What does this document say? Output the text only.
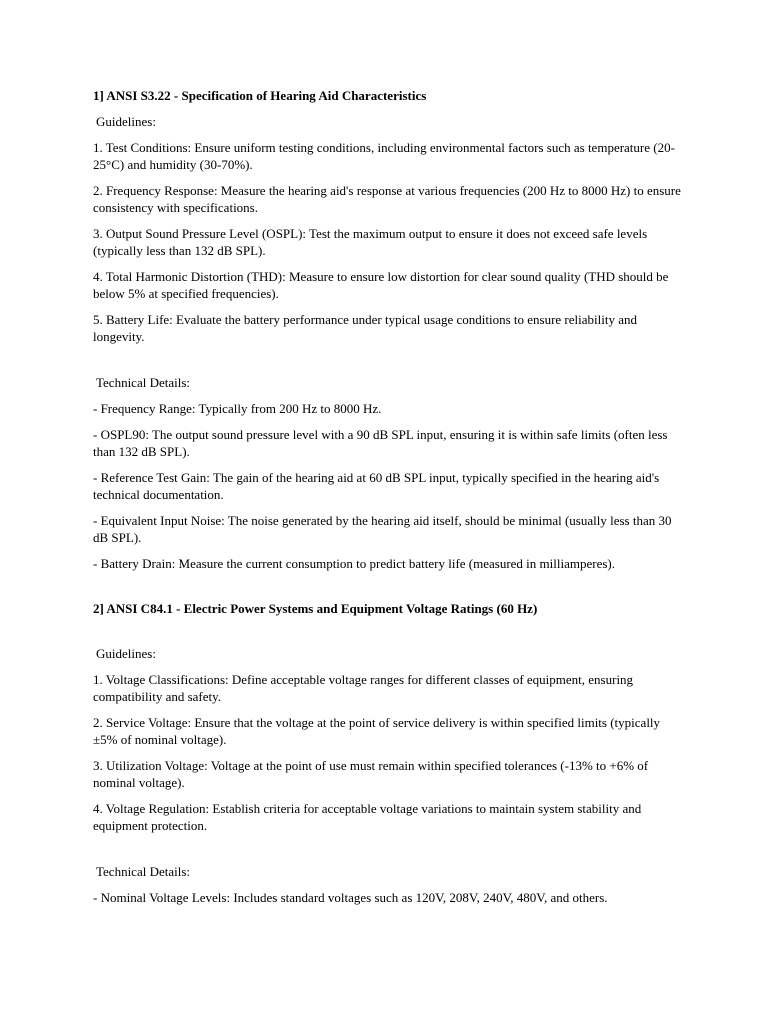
1] ANSI S3.22 - Specification of Hearing Aid Characteristics

Guidelines:

1. Test Conditions: Ensure uniform testing conditions, including environmental factors such as temperature (20-25°C) and humidity (30-70%).

2. Frequency Response: Measure the hearing aid's response at various frequencies (200 Hz to 8000 Hz) to ensure consistency with specifications.

3. Output Sound Pressure Level (OSPL): Test the maximum output to ensure it does not exceed safe levels (typically less than 132 dB SPL).

4. Total Harmonic Distortion (THD): Measure to ensure low distortion for clear sound quality (THD should be below 5% at specified frequencies).

5. Battery Life: Evaluate the battery performance under typical usage conditions to ensure reliability and longevity.

Technical Details:

- Frequency Range: Typically from 200 Hz to 8000 Hz.

- OSPL90: The output sound pressure level with a 90 dB SPL input, ensuring it is within safe limits (often less than 132 dB SPL).

- Reference Test Gain: The gain of the hearing aid at 60 dB SPL input, typically specified in the hearing aid's technical documentation.

- Equivalent Input Noise: The noise generated by the hearing aid itself, should be minimal (usually less than 30 dB SPL).

- Battery Drain: Measure the current consumption to predict battery life (measured in milliamperes).

2] ANSI C84.1 - Electric Power Systems and Equipment Voltage Ratings (60 Hz)

Guidelines:

1. Voltage Classifications: Define acceptable voltage ranges for different classes of equipment, ensuring compatibility and safety.

2. Service Voltage: Ensure that the voltage at the point of service delivery is within specified limits (typically ±5% of nominal voltage).

3. Utilization Voltage: Voltage at the point of use must remain within specified tolerances (-13% to +6% of nominal voltage).

4. Voltage Regulation: Establish criteria for acceptable voltage variations to maintain system stability and equipment protection.

Technical Details:

- Nominal Voltage Levels: Includes standard voltages such as 120V, 208V, 240V, 480V, and others.
